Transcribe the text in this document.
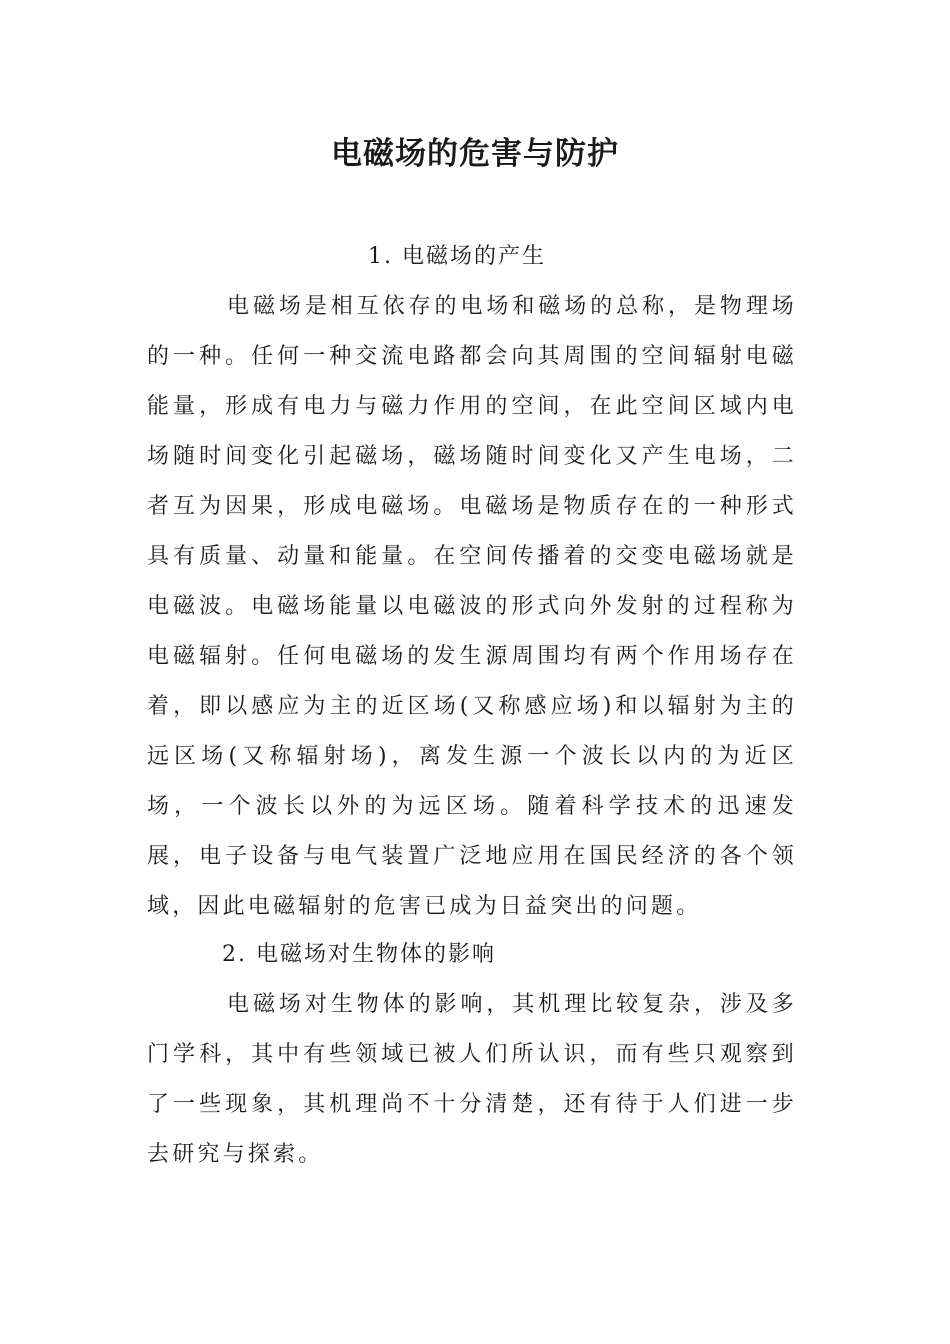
电磁场的危害与防护

1. 电磁场的产生

电磁场是相互依存的电场和磁场的总称，是物理场的一种。任何一种交流电路都会向其周围的空间辐射电磁能量，形成有电力与磁力作用的空间，在此空间区域内电场随时间变化引起磁场，磁场随时间变化又产生电场，二者互为因果，形成电磁场。电磁场是物质存在的一种形式具有质量、动量和能量。在空间传播着的交变电磁场就是电磁波。电磁场能量以电磁波的形式向外发射的过程称为电磁辐射。任何电磁场的发生源周围均有两个作用场存在着，即以感应为主的近区场(又称感应场)和以辐射为主的远区场(又称辐射场)，离发生源一个波长以内的为近区场，一个波长以外的为远区场。随着科学技术的迅速发展，电子设备与电气装置广泛地应用在国民经济的各个领域，因此电磁辐射的危害已成为日益突出的问题。

2. 电磁场对生物体的影响

电磁场对生物体的影响，其机理比较复杂，涉及多门学科，其中有些领域已被人们所认识，而有些只观察到了一些现象，其机理尚不十分清楚，还有待于人们进一步去研究与探索。
